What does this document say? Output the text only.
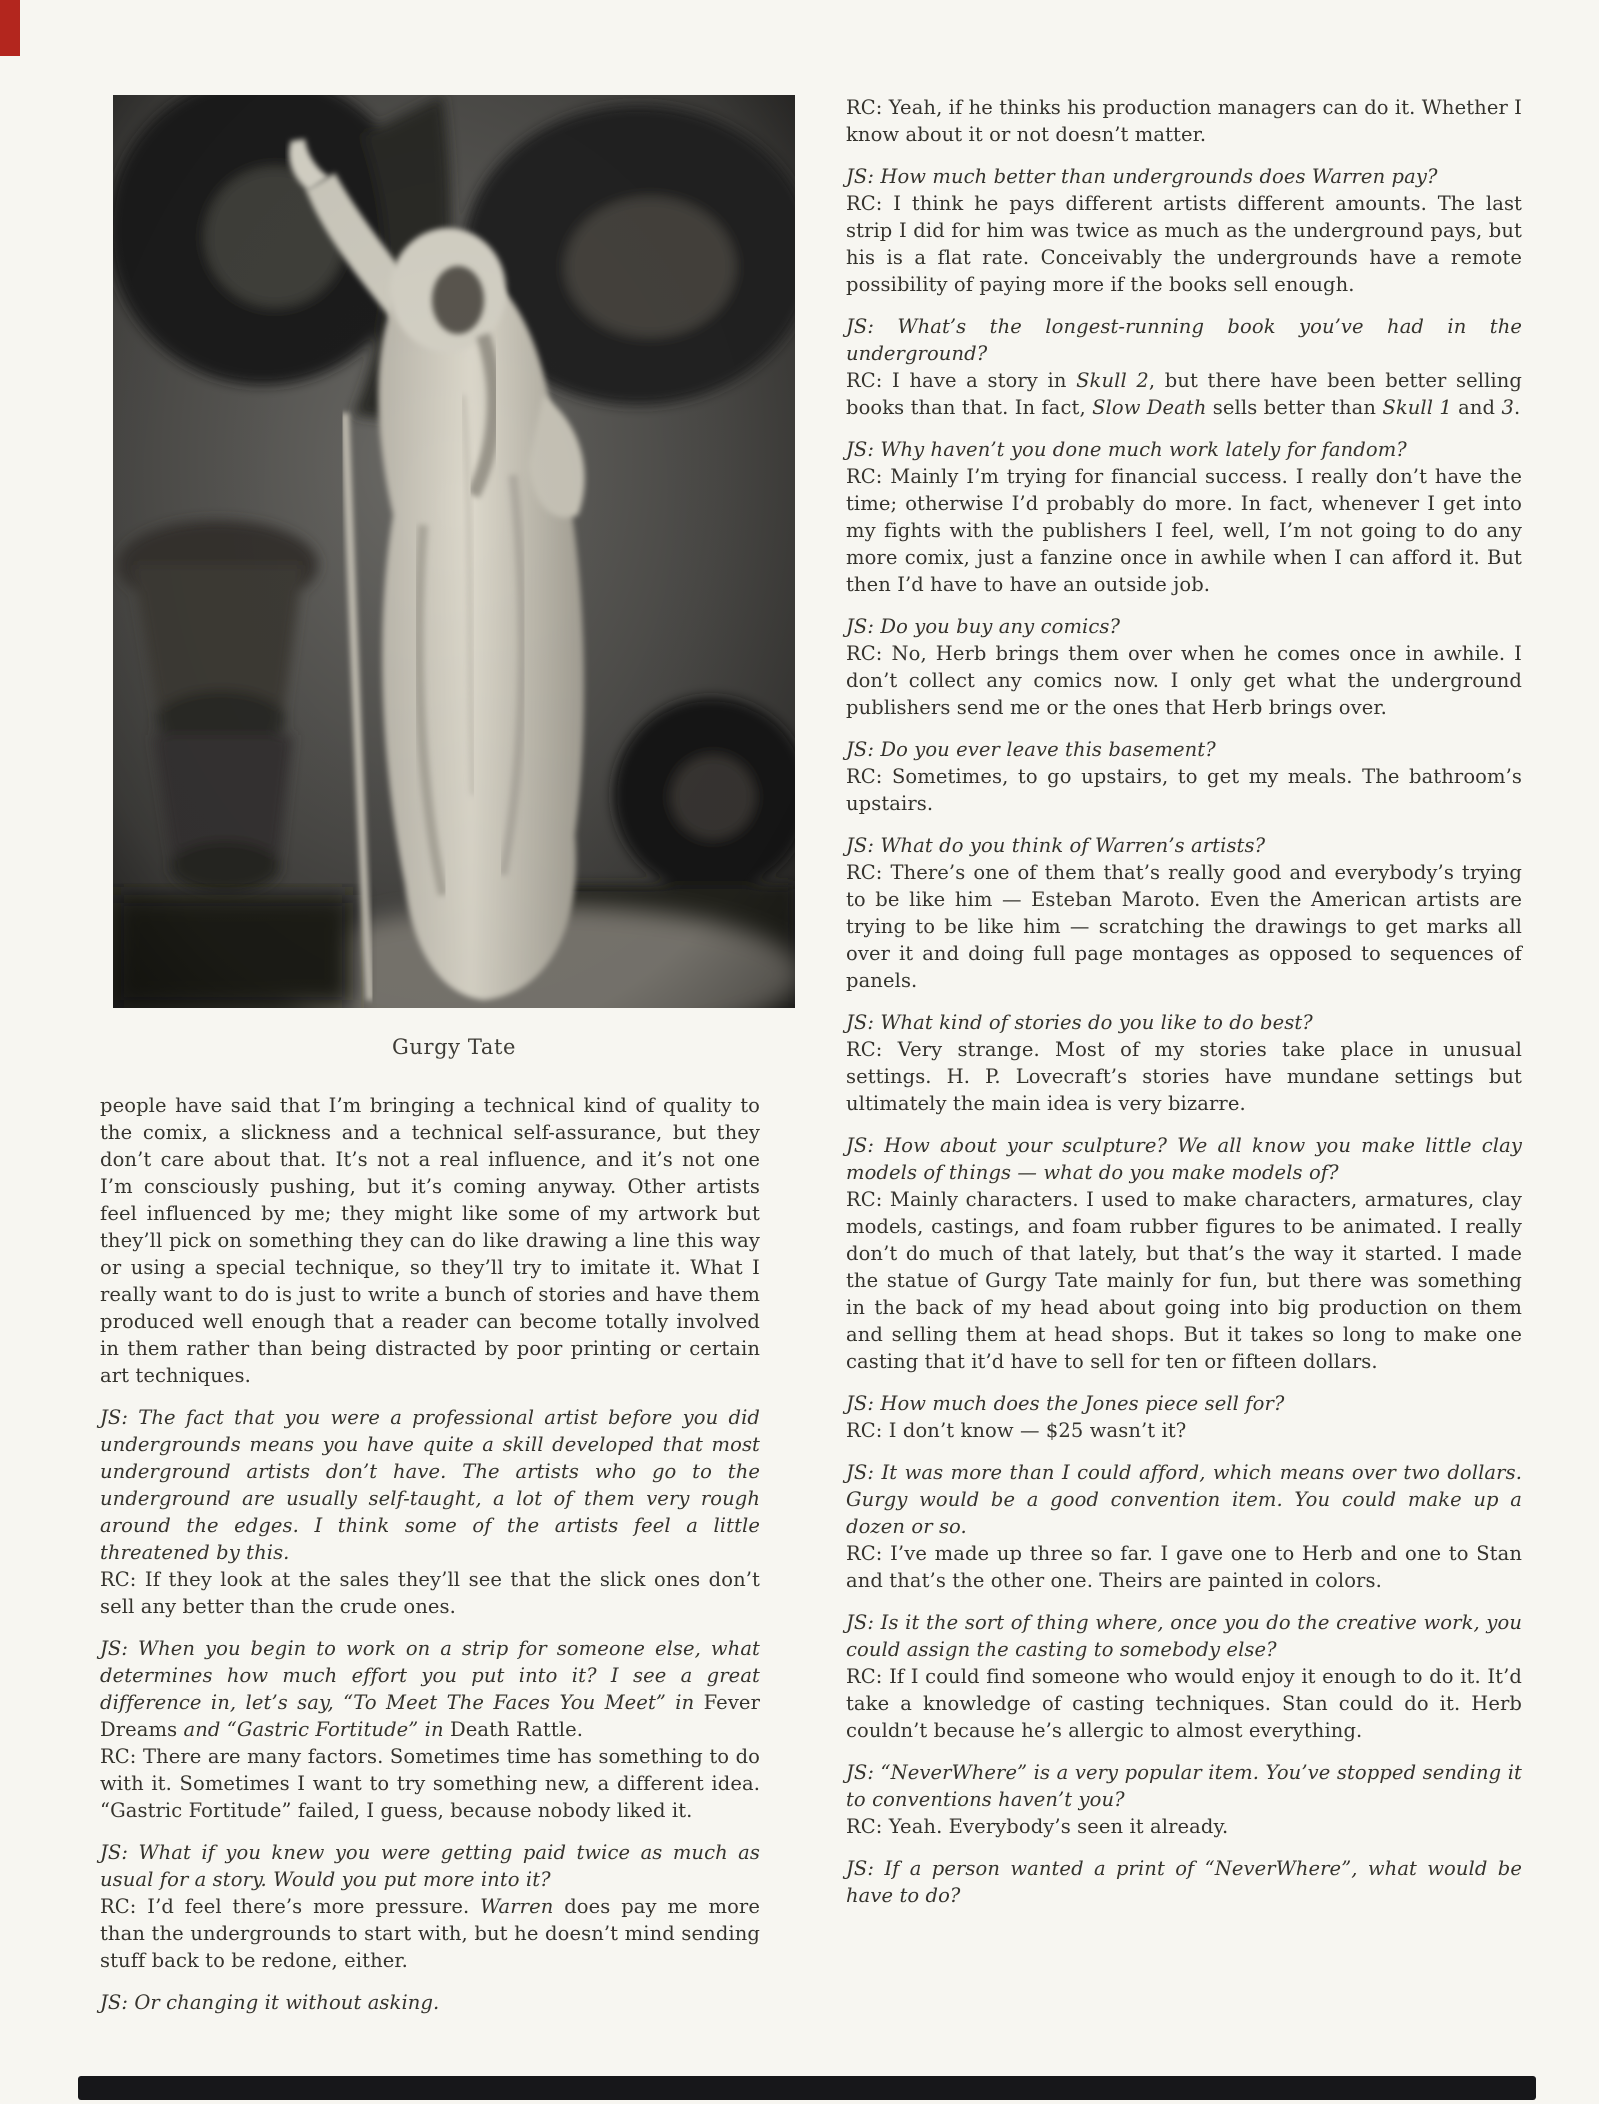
Gurgy Tate

people have said that I’m bringing a technical kind of quality to the comix, a slickness and a technical self-assurance, but they don’t care about that. It’s not a real influence, and it’s not one I’m consciously pushing, but it’s coming anyway. Other artists feel influenced by me; they might like some of my artwork but they’ll pick on something they can do like drawing a line this way or using a special technique, so they’ll try to imitate it. What I really want to do is just to write a bunch of stories and have them produced well enough that a reader can become totally involved in them rather than being distracted by poor printing or certain art techniques.

JS: The fact that you were a professional artist before you did undergrounds means you have quite a skill developed that most underground artists don’t have. The artists who go to the underground are usually self-taught, a lot of them very rough around the edges. I think some of the artists feel a little threatened by this.

RC: If they look at the sales they’ll see that the slick ones don’t sell any better than the crude ones.

JS: When you begin to work on a strip for someone else, what determines how much effort you put into it? I see a great difference in, let’s say, “To Meet The Faces You Meet” in Fever Dreams and “Gastric Fortitude” in Death Rattle.

RC: There are many factors. Sometimes time has something to do with it. Sometimes I want to try something new, a different idea. “Gastric Fortitude” failed, I guess, because nobody liked it.

JS: What if you knew you were getting paid twice as much as usual for a story. Would you put more into it?

RC: I’d feel there’s more pressure. Warren does pay me more than the undergrounds to start with, but he doesn’t mind sending stuff back to be redone, either.

JS: Or changing it without asking.

RC: Yeah, if he thinks his production managers can do it. Whether I know about it or not doesn’t matter.

JS: How much better than undergrounds does Warren pay?

RC: I think he pays different artists different amounts. The last strip I did for him was twice as much as the underground pays, but his is a flat rate. Conceivably the undergrounds have a remote possibility of paying more if the books sell enough.

JS: What’s the longest-running book you’ve had in the underground?

RC: I have a story in Skull 2, but there have been better selling books than that. In fact, Slow Death sells better than Skull 1 and 3.

JS: Why haven’t you done much work lately for fandom?

RC: Mainly I’m trying for financial success. I really don’t have the time; otherwise I’d probably do more. In fact, whenever I get into my fights with the publishers I feel, well, I’m not going to do any more comix, just a fanzine once in awhile when I can afford it. But then I’d have to have an outside job.

JS: Do you buy any comics?

RC: No, Herb brings them over when he comes once in awhile. I don’t collect any comics now. I only get what the underground publishers send me or the ones that Herb brings over.

JS: Do you ever leave this basement?

RC: Sometimes, to go upstairs, to get my meals. The bathroom’s upstairs.

JS: What do you think of Warren’s artists?

RC: There’s one of them that’s really good and everybody’s trying to be like him — Esteban Maroto. Even the American artists are trying to be like him — scratching the drawings to get marks all over it and doing full page montages as opposed to sequences of panels.

JS: What kind of stories do you like to do best?

RC: Very strange. Most of my stories take place in unusual settings. H. P. Lovecraft’s stories have mundane settings but ultimately the main idea is very bizarre.

JS: How about your sculpture? We all know you make little clay models of things — what do you make models of?

RC: Mainly characters. I used to make characters, armatures, clay models, castings, and foam rubber figures to be animated. I really don’t do much of that lately, but that’s the way it started. I made the statue of Gurgy Tate mainly for fun, but there was something in the back of my head about going into big production on them and selling them at head shops. But it takes so long to make one casting that it’d have to sell for ten or fifteen dollars.

JS: How much does the Jones piece sell for?

RC: I don’t know — $25 wasn’t it?

JS: It was more than I could afford, which means over two dollars. Gurgy would be a good convention item. You could make up a dozen or so.

RC: I’ve made up three so far. I gave one to Herb and one to Stan and that’s the other one. Theirs are painted in colors.

JS: Is it the sort of thing where, once you do the creative work, you could assign the casting to somebody else?

RC: If I could find someone who would enjoy it enough to do it. It’d take a knowledge of casting techniques. Stan could do it. Herb couldn’t because he’s allergic to almost everything.

JS: “NeverWhere” is a very popular item. You’ve stopped sending it to conventions haven’t you?

RC: Yeah. Everybody’s seen it already.

JS: If a person wanted a print of “NeverWhere”, what would be have to do?
